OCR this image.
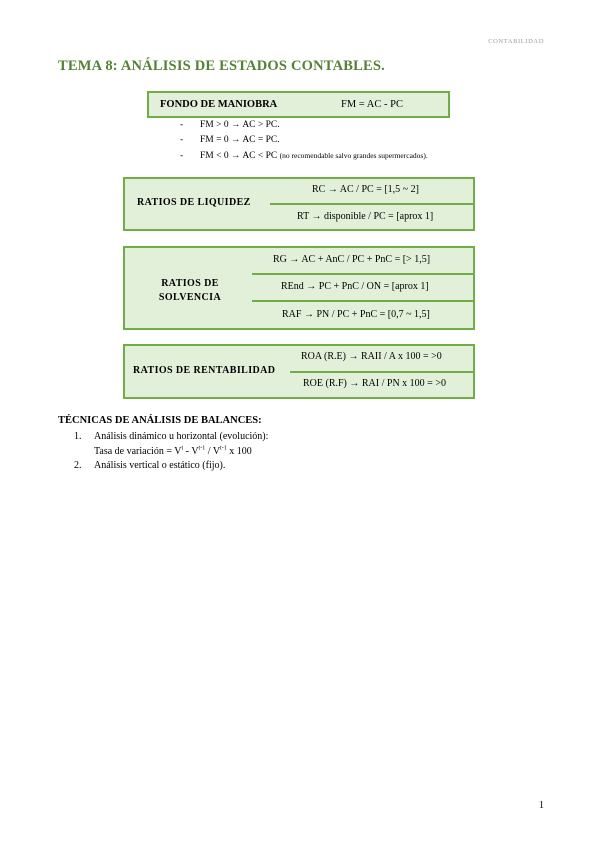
CONTABILIDAD
TEMA 8: ANÁLISIS DE ESTADOS CONTABLES.
FONDO DE MANIOBRA	FM = AC - PC
- FM > 0 → AC > PC.
- FM = 0 → AC = PC.
- FM < 0 → AC < PC (no recomendable salvo grandes supermercados).
RATIOS DE LIQUIDEZ
RC → AC / PC = [1,5 ~ 2]
RT → disponible / PC = [aprox 1]
RATIOS DE
SOLVENCIA
RG → AC + AnC / PC + PnC = [> 1,5]
REnd → PC + PnC / ON = [aprox 1]
RAF → PN / PC + PnC = [0,7 ~ 1,5]
RATIOS DE RENTABILIDAD
ROA (R.E) → RAII / A x 100 = >0
ROE (R.F) → RAI / PN x 100 = >0
TÉCNICAS DE ANÁLISIS DE BALANCES:
1. Análisis dinámico u horizontal (evolución):
Tasa de variación = $V^t - V^{t-1} / V^{t-1}$ x 100
2. Análisis vertical o estático (fijo).
1
